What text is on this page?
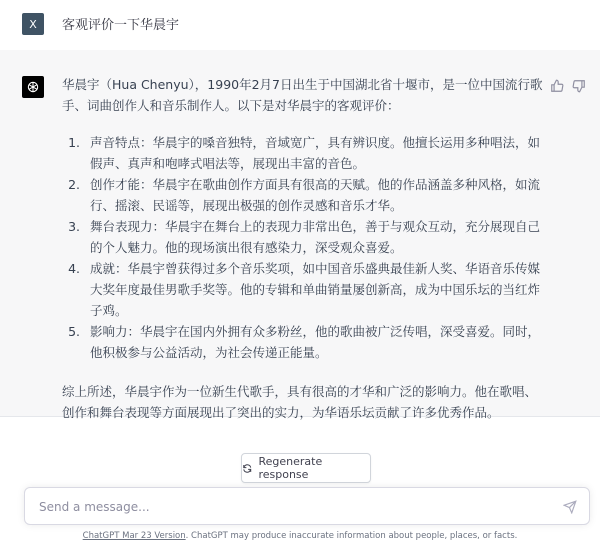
X	客观评价一下华晨宇

华晨宇（Hua Chenyu），1990年2月7日出生于中国湖北省十堰市，是一位中国流行歌手、词曲创作人和音乐制作人。以下是对华晨宇的客观评价：

1. 声音特点：华晨宇的嗓音独特，音域宽广，具有辨识度。他擅长运用多种唱法，如假声、真声和咆哮式唱法等，展现出丰富的音色。
2. 创作才能：华晨宇在歌曲创作方面具有很高的天赋。他的作品涵盖多种风格，如流行、摇滚、民谣等，展现出极强的创作灵感和音乐才华。
3. 舞台表现力：华晨宇在舞台上的表现力非常出色，善于与观众互动，充分展现自己的个人魅力。他的现场演出很有感染力，深受观众喜爱。
4. 成就：华晨宇曾获得过多个音乐奖项，如中国音乐盛典最佳新人奖、华语音乐传媒大奖年度最佳男歌手奖等。他的专辑和单曲销量屡创新高，成为中国乐坛的当红炸子鸡。
5. 影响力：华晨宇在国内外拥有众多粉丝，他的歌曲被广泛传唱，深受喜爱。同时，他积极参与公益活动，为社会传递正能量。

综上所述，华晨宇作为一位新生代歌手，具有很高的才华和广泛的影响力。他在歌唱、创作和舞台表现等方面展现出了突出的实力，为华语乐坛贡献了许多优秀作品。

Regenerate response
Send a message...
ChatGPT Mar 23 Version. ChatGPT may produce inaccurate information about people, places, or facts.
